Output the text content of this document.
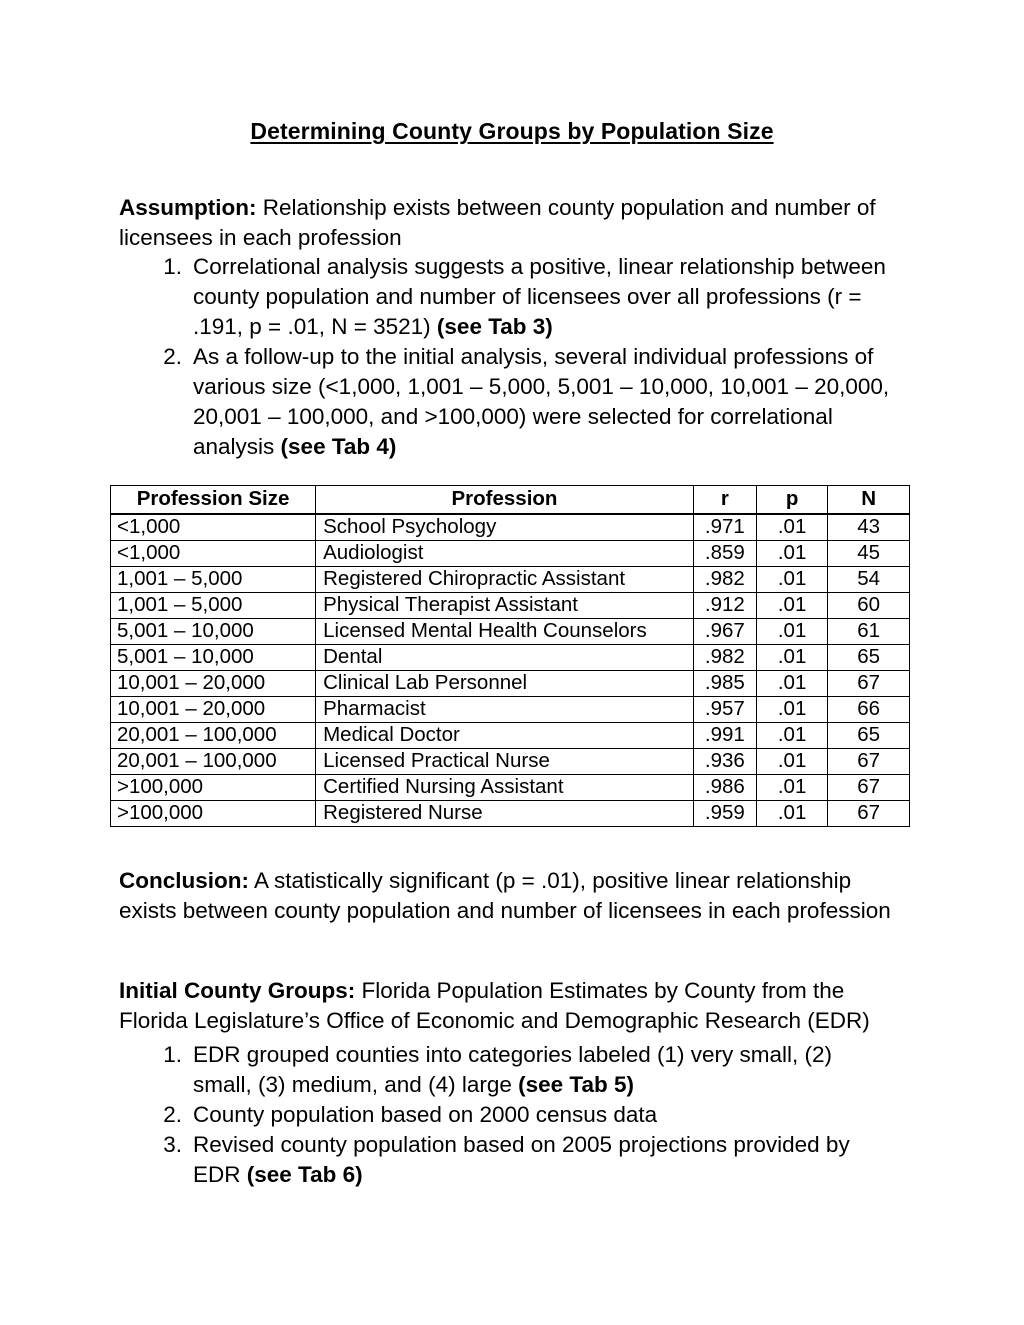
Determining County Groups by Population Size

Assumption: Relationship exists between county population and number of licensees in each profession

1. Correlational analysis suggests a positive, linear relationship between county population and number of licensees over all professions (r = .191, p = .01, N = 3521) (see Tab 3)
2. As a follow-up to the initial analysis, several individual professions of various size (<1,000, 1,001 – 5,000, 5,001 – 10,000, 10,001 – 20,000, 20,001 – 100,000, and >100,000) were selected for correlational analysis (see Tab 4)
Profession Size	Profession	r	p	N
<1,000	School Psychology	.971	.01	43
<1,000	Audiologist	.859	.01	45
1,001 – 5,000	Registered Chiropractic Assistant	.982	.01	54
1,001 – 5,000	Physical Therapist Assistant	.912	.01	60
5,001 – 10,000	Licensed Mental Health Counselors	.967	.01	61
5,001 – 10,000	Dental	.982	.01	65
10,001 – 20,000	Clinical Lab Personnel	.985	.01	67
10,001 – 20,000	Pharmacist	.957	.01	66
20,001 – 100,000	Medical Doctor	.991	.01	65
20,001 – 100,000	Licensed Practical Nurse	.936	.01	67
>100,000	Certified Nursing Assistant	.986	.01	67
>100,000	Registered Nurse	.959	.01	67

Conclusion: A statistically significant (p = .01), positive linear relationship exists between county population and number of licensees in each profession

Initial County Groups: Florida Population Estimates by County from the Florida Legislature’s Office of Economic and Demographic Research (EDR)

1. EDR grouped counties into categories labeled (1) very small, (2) small, (3) medium, and (4) large (see Tab 5)
2. County population based on 2000 census data
3. Revised county population based on 2005 projections provided by EDR (see Tab 6)
